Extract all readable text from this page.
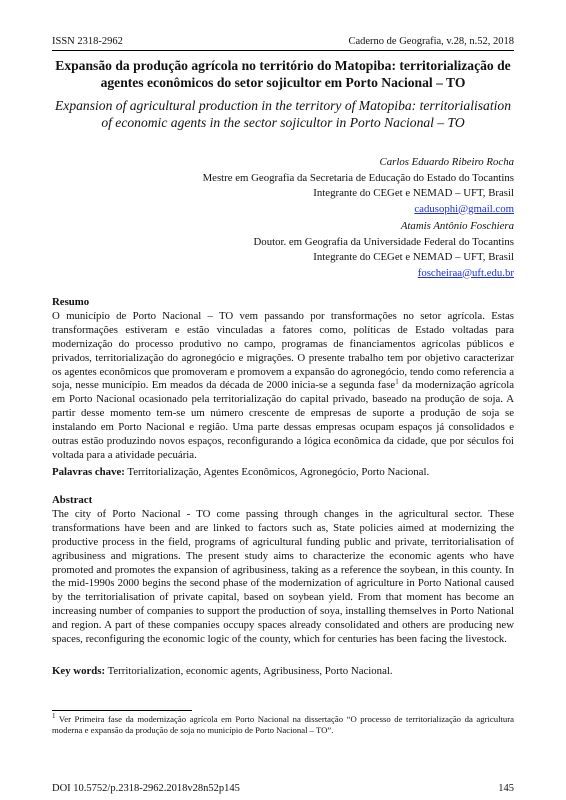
ISSN 2318-2962	Caderno de Geografia, v.28, n.52, 2018
Expansão da produção agrícola no território do Matopiba: territorialização de agentes econômicos do setor sojicultor em Porto Nacional – TO
Expansion of agricultural production in the territory of Matopiba: territorialisation of economic agents in the sector sojicultor in Porto Nacional – TO
Carlos Eduardo Ribeiro Rocha
Mestre em Geografia da Secretaria de Educação do Estado do Tocantins
Integrante do CEGet e NEMAD – UFT, Brasil
cadusophi@gmail.com
Atamis Antônio Foschiera
Doutor. em Geografia da Universidade Federal do Tocantins
Integrante do CEGet e NEMAD – UFT, Brasil
foscheiraa@uft.edu.br
Resumo
O município de Porto Nacional – TO vem passando por transformações no setor agrícola. Estas transformações estiveram e estão vinculadas a fatores como, políticas de Estado voltadas para modernização do processo produtivo no campo, programas de financiamentos agrícolas públicos e privados, territorialização do agronegócio e migrações. O presente trabalho tem por objetivo caracterizar os agentes econômicos que promoveram e promovem a expansão do agronegócio, tendo como referencia a soja, nesse município. Em meados da década de 2000 inicia-se a segunda fase$^1$ da modernização agrícola em Porto Nacional ocasionado pela territorialização do capital privado, baseado na produção de soja. A partir desse momento tem-se um número crescente de empresas de suporte a produção de soja se instalando em Porto Nacional e região. Uma parte dessas empresas ocupam espaços já consolidados e outras estão produzindo novos espaços, reconfigurando a lógica econômica da cidade, que por séculos foi voltada para a atividade pecuária.
Palavras chave: Territorialização, Agentes Econômicos, Agronegócio, Porto Nacional.
Abstract
The city of Porto Nacional - TO come passing through changes in the agricultural sector. These transformations have been and are linked to factors such as, State policies aimed at modernizing the productive process in the field, programs of agricultural funding public and private, territorialisation of agribusiness and migrations. The present study aims to characterize the economic agents who have promoted and promotes the expansion of agribusiness, taking as a reference the soybean, in this county. In the mid-1990s 2000 begins the second phase of the modernization of agriculture in Porto National caused by the territorialisation of private capital, based on soybean yield. From that moment has become an increasing number of companies to support the production of soya, installing themselves in Porto National and region. A part of these companies occupy spaces already consolidated and others are producing new spaces, reconfiguring the economic logic of the county, which for centuries has been facing the livestock.
Key words: Territorialization, economic agents, Agribusiness, Porto Nacional.
$^1$ Ver Primeira fase da modernização agrícola em Porto Nacional na dissertação “O processo de territorialização da agricultura moderna e expansão da produção de soja no município de Porto Nacional – TO”.
DOI 10.5752/p.2318-2962.2018v28n52p145	145
